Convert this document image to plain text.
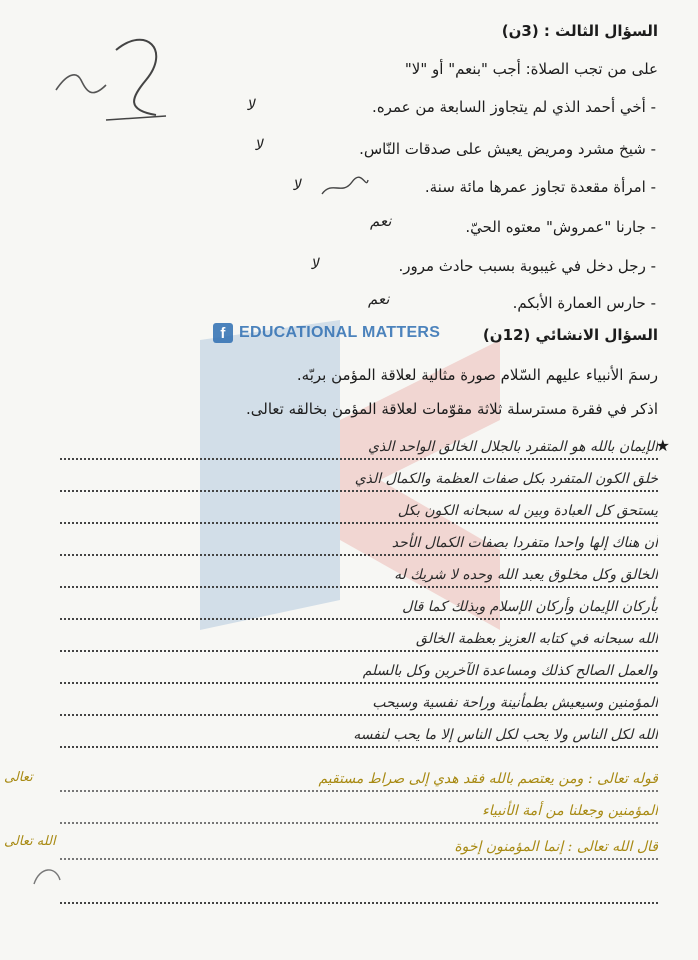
f EDUCATIONAL MATTERS
السؤال الثالث : (3ن)
على من تجب الصلاة: أجب "بنعم" أو "لا"
- أخي أحمد الذي لم يتجاوز السابعة من عمره.
لا
- شيخ مشرد ومريض يعيش على صدقات النّاس.
لا
- امرأة مقعدة تجاوز عمرها مائة سنة.
لا
- جارنا "عمروش" معتوه الحيّ.
نعم
- رجل دخل في غيبوبة بسبب حادث مرور.
لا
- حارس العمارة الأبكم.
نعم
السؤال الانشائي (12ن)
رسمَ الأنبياء عليهم السّلام صورة مثالية لعلاقة المؤمن بربّه.
اذكر في فقرة مسترسلة ثلاثة مقوّمات لعلاقة المؤمن بخالقه تعالى.
★
الإيمان بالله هو المتفرد بالجلال الخالق الواحد الذي
خلق الكون المتفرد بكل صفات العظمة والكمال الذي
يستحق كل العبادة وبين له سبحانه الكون بكل
أن هناك إلها واحدا متفردا بصفات الكمال الأحد
الخالق وكل مخلوق يعبد الله وحده لا شريك له
بأركان الإيمان وأركان الإسلام وبذلك كما قال
الله سبحانه في كتابه العزيز بعظمة الخالق
والعمل الصالح كذلك ومساعدة الآخرين وكل بالسلم
المؤمنين وسيعيش بطمأنينة وراحة نفسية وسيحب
الله لكل الناس ولا يحب لكل الناس إلا ما يحب لنفسه
قوله تعالى : ومن يعتصم بالله فقد هدي إلى صراط مستقيم
المؤمنين وجعلنا من أمة الأنبياء
قال الله تعالى : إنما المؤمنون إخوة
تعالى
الله تعالى
